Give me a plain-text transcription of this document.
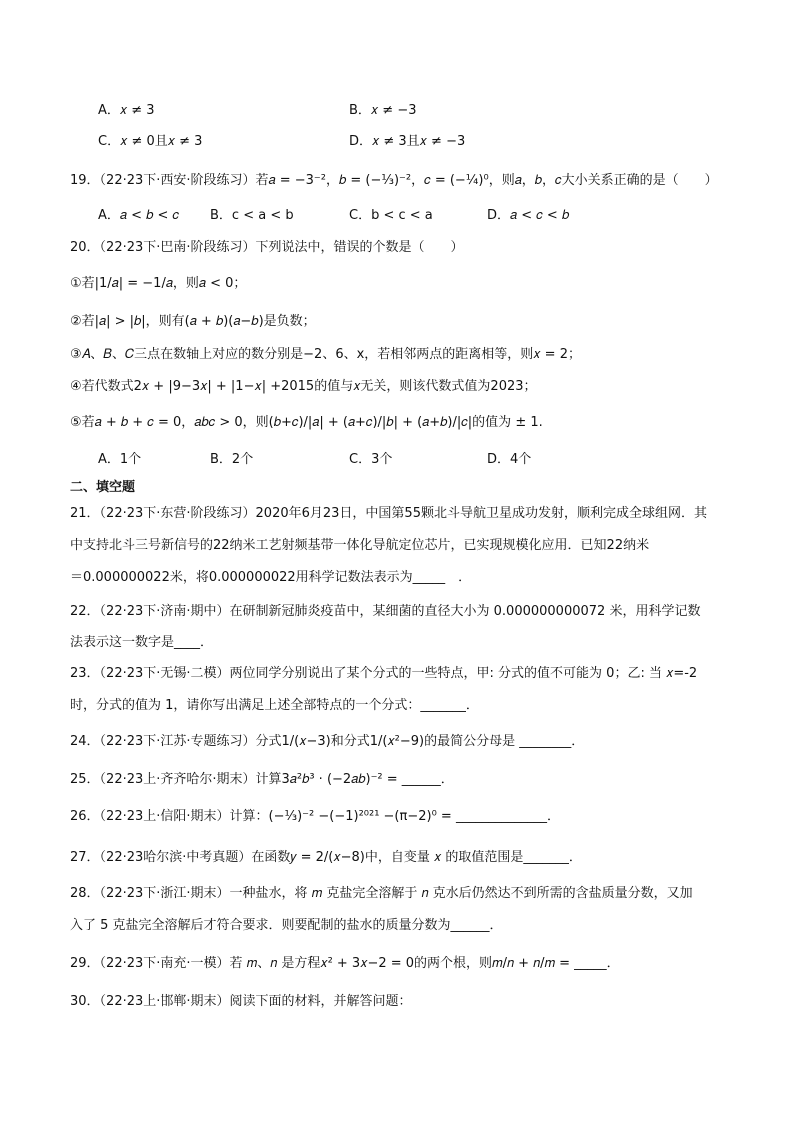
A．𝑥 ≠ 3	B．𝑥 ≠ −3
C．𝑥 ≠ 0且𝑥 ≠ 3	D．𝑥 ≠ 3且𝑥 ≠ −3
19．（22·23下·西安·阶段练习）若𝑎 = −3⁻²，𝑏 = (−⅓)⁻²，𝑐 = (−¼)⁰，则𝑎，𝑏，𝑐大小关系正确的是（　　）
A．𝑎 < 𝑏 < 𝑐 B．c < a < b	C．b < c < a	D．𝑎 < 𝑐 < 𝑏
20．（22·23下·巴南·阶段练习）下列说法中，错误的个数是（　　）
①若|1/𝑎| = −1/𝑎，则𝑎 < 0；
②若|𝑎| > |𝑏|，则有(𝑎 + 𝑏)(𝑎−𝑏)是负数；
③𝐴、𝐵、𝐶三点在数轴上对应的数分别是−2、6、x，若相邻两点的距离相等，则𝑥 = 2；
④若代数式2𝑥 + |9−3𝑥| + |1−𝑥| +2015的值与𝑥无关，则该代数式值为2023；
⑤若𝑎 + 𝑏 + 𝑐 = 0，𝑎𝑏𝑐 > 0，则(𝑏+𝑐)/|𝑎| + (𝑎+𝑐)/|𝑏| + (𝑎+𝑏)/|𝑐|的值为 ± 1.
A．1个	B．2个	C．3个	D．4个
二、填空题
21．（22·23下·东营·阶段练习）2020年6月23日，中国第55颗北斗导航卫星成功发射，顺利完成全球组网．其
中支持北斗三号新信号的22纳米工艺射频基带一体化导航定位芯片，已实现规模化应用．已知22纳米
＝0.000000022米，将0.000000022用科学记数法表示为_____　．
22．（22·23下·济南·期中）在研制新冠肺炎疫苗中，某细菌的直径大小为 0.000000000072 米，用科学记数
法表示这一数字是____．
23．（22·23下·无锡·二模）两位同学分别说出了某个分式的一些特点，甲: 分式的值不可能为 0；乙: 当 𝑥=-2
时，分式的值为 1，请你写出满足上述全部特点的一个分式：_______．
24．（22·23下·江苏·专题练习）分式1/(𝑥−3)和分式1/(𝑥²−9)的最简公分母是 ________．
25．（22·23上·齐齐哈尔·期末）计算3𝑎²𝑏³ · (−2𝑎𝑏)⁻² = ______．
26．（22·23上·信阳·期末）计算：(−⅓)⁻² −(−1)²⁰²¹ −(π−2)⁰ = ______________．
27．（22·23哈尔滨·中考真题）在函数𝑦 = 2/(𝑥−8)中，自变量 𝑥 的取值范围是_______．
28．（22·23下·浙江·期末）一种盐水，将 𝑚 克盐完全溶解于 𝑛 克水后仍然达不到所需的含盐质量分数，又加
入了 5 克盐完全溶解后才符合要求．则要配制的盐水的质量分数为______．
29．（22·23下·南充·一模）若 𝑚、𝑛 是方程𝑥² + 3𝑥−2 = 0的两个根，则𝑚/𝑛 + 𝑛/𝑚 = _____．
30．（22·23上·邯郸·期末）阅读下面的材料，并解答问题：
